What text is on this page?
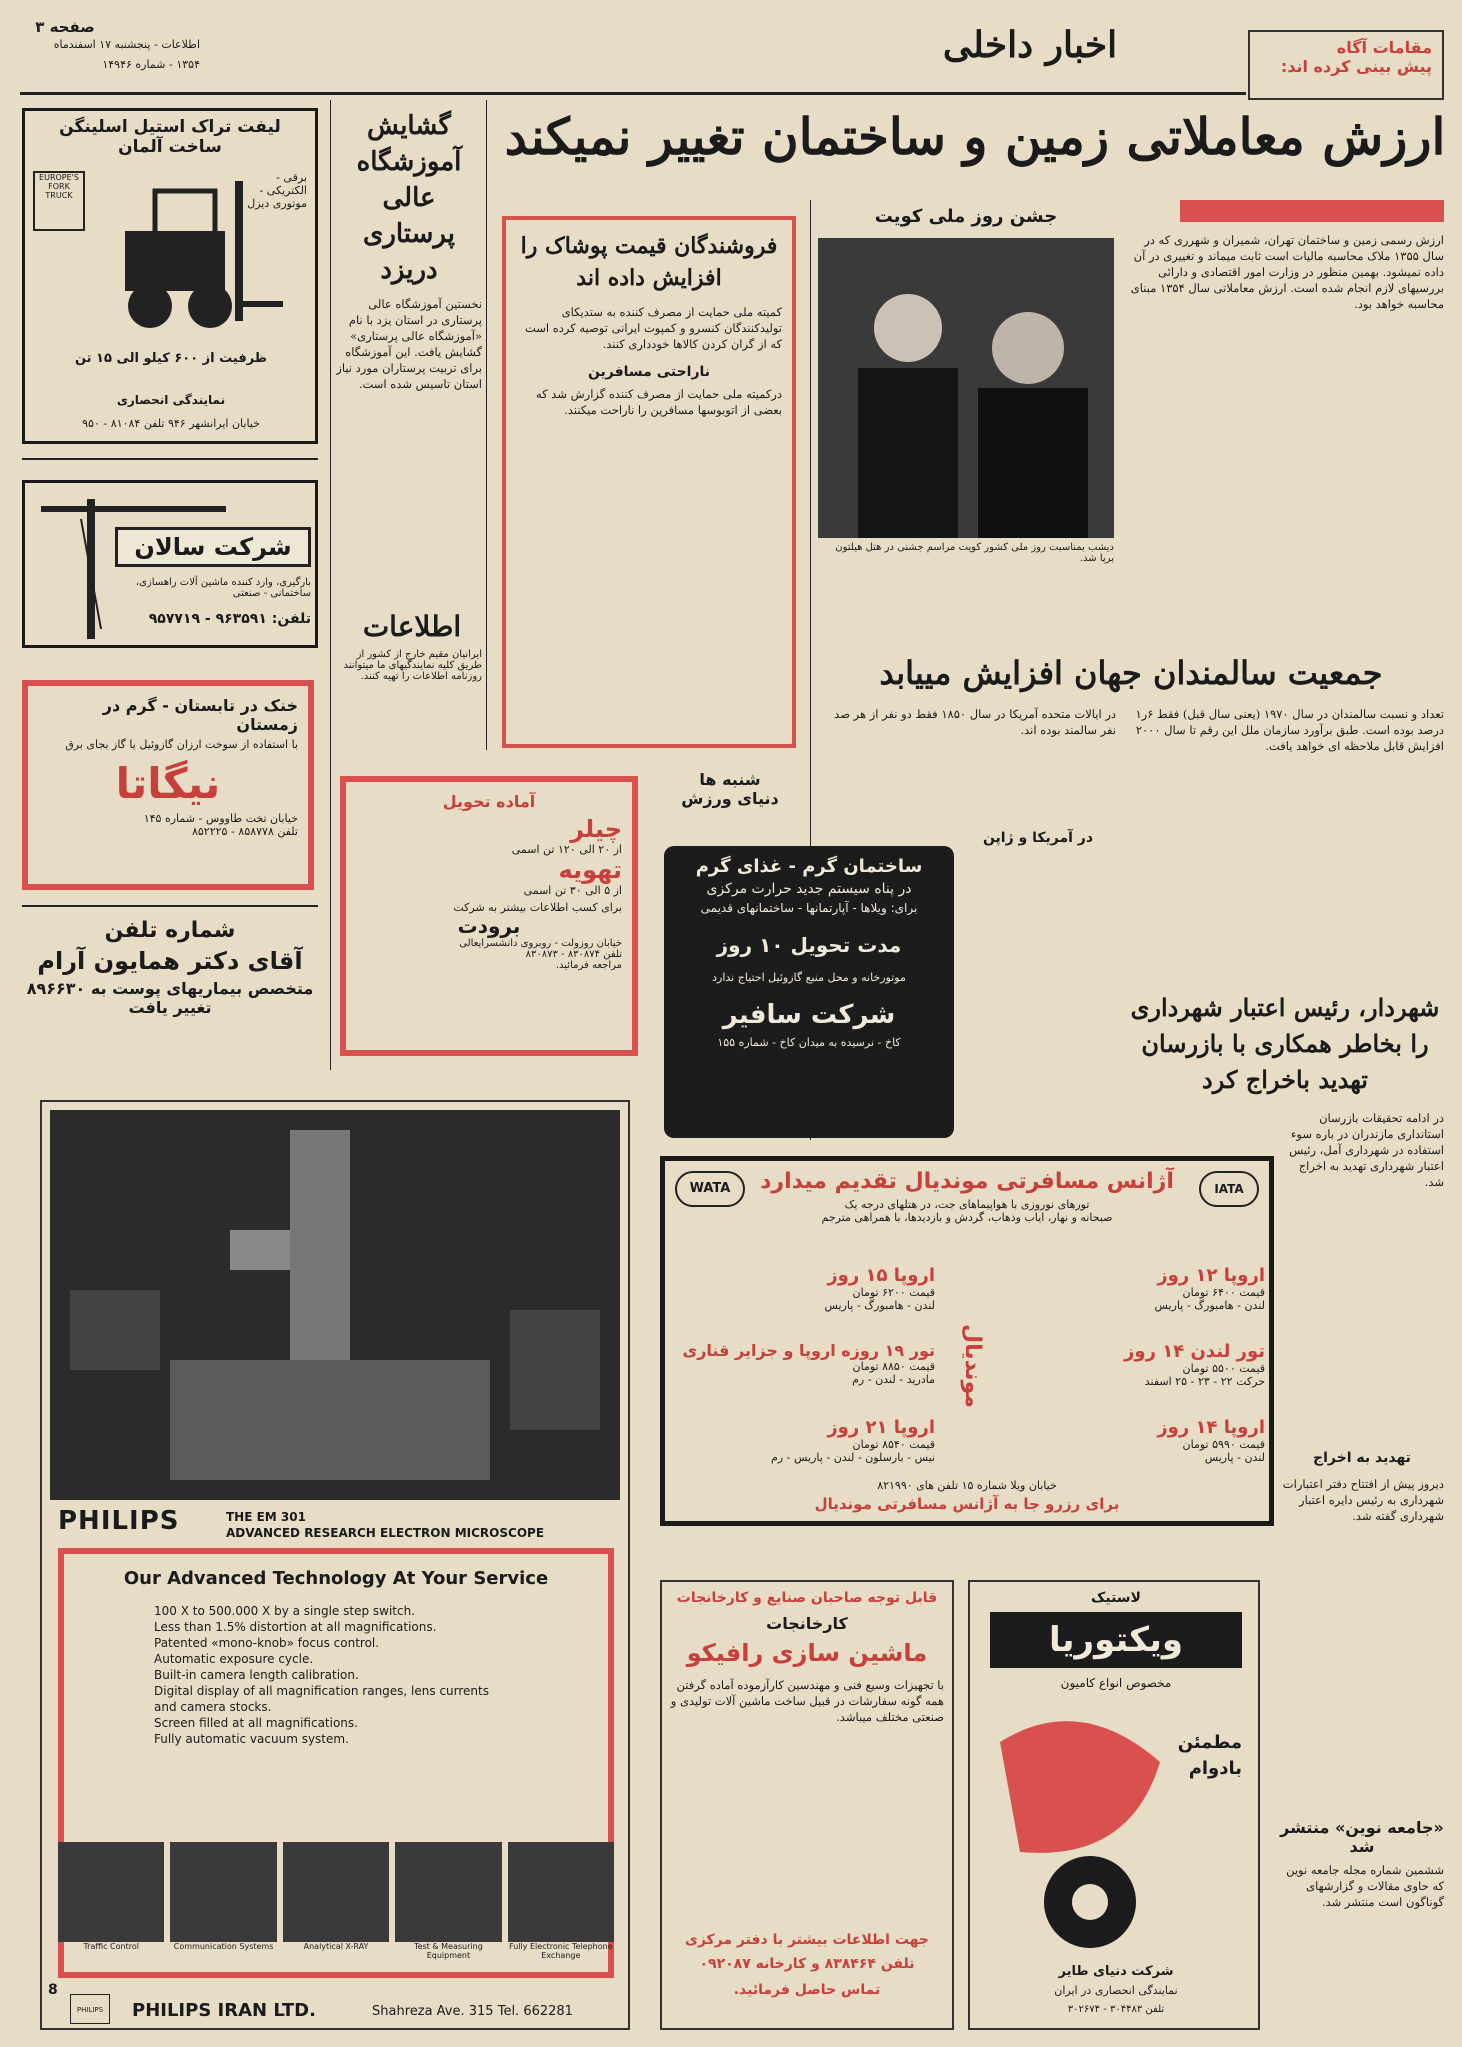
صفحه ۳
اطلاعات - پنجشنبه ۱۷ اسفندماه
۱۳۵۴ - شماره ۱۴۹۴۶	اخبار داخلی	مقامات آگاه
پیش بینی کرده اند:
ارزش معاملاتی زمین و ساختمان تغییر نمیکند
لیفت تراک استیل اسلینگن ساخت آلمان
EUROPE'S FORK TRUCK
برقی - الکتریکی - موتوری دیزل
ظرفیت از ۶۰۰ کیلو الی ۱۵ تن
نمایندگی انحصاری
خیابان ایرانشهر ۹۴۶ تلفن ۸۱۰۸۴ - ۹۵۰
شرکت سالان
بارگیری، وارد کننده ماشین آلات راهسازی، ساختمانی - صنعتی
تلفن: ۹۶۳۵۹۱ - ۹۵۷۷۱۹
خنک در تابستان - گرم در زمستان
با استفاده از سوخت ارزان گازوئیل یا گاز بجای برق
نیگاتا
خیابان تخت طاووس - شماره ۱۴۵
تلفن ۸۵۸۷۷۸ - ۸۵۲۲۲۵
شماره تلفن
آقای دکتر همایون آرام
متخصص بیماریهای پوست به ۸۹۶۶۳۰
تغییر یافت
گشایش آموزشگاه عالی پرستاری دریزد
نخستین آموزشگاه عالی پرستاری در استان یزد با نام «آموزشگاه عالی پرستاری» گشایش یافت. این آموزشگاه برای تربیت پرستاران مورد نیاز استان تاسیس شده است.
اطلاعات
ایرانیان مقیم خارج از کشور از طریق کلیه نمایندگیهای ما میتوانند روزنامه اطلاعات را تهیه کنند.
فروشندگان قیمت پوشاک را افزایش داده اند
کمیته ملی حمایت از مصرف کننده به ستدیکای تولیدکنندگان کنسرو و کمپوت ایرانی توصیه کرده است که از گران کردن کالاها خودداری کنند.
ناراحتی مسافرین
درکمیته ملی حمایت از مصرف کننده گزارش شد که بعضی از اتوبوسها مسافرین را ناراحت میکنند.
جشن روز ملی کویت
دیشب بمناسبت روز ملی کشور کویت مراسم جشنی در هتل هیلتون برپا شد.
ارزش رسمی زمین و ساختمان تهران، شمیران و شهرری که در سال ۱۳۵۵ ملاک محاسبه مالیات است ثابت میماند و تغییری در آن داده نمیشود. بهمین منظور در وزارت امور اقتصادی و دارائی بررسیهای لازم انجام شده است. ارزش معاملاتی سال ۱۳۵۴ مبنای محاسبه خواهد بود.
جمعیت سالمندان جهان افزایش مییابد
تعداد و نسبت سالمندان در سال ۱۹۷۰ (یعنی سال قبل) فقط ۶ر۱ درصد بوده است. طبق برآورد سازمان ملل این رقم تا سال ۲۰۰۰ افزایش قابل ملاحظه ای خواهد یافت.
در ایالات متحده آمریکا در سال ۱۸۵۰ فقط دو نفر از هر صد نفر سالمند بوده اند.
در آمریکا و ژاپن
شنبه ها
دنیای ورزش
آماده تحویل
چیلر
از ۲۰ الی ۱۲۰ تن اسمی
تهویه
از ۵ الی ۳۰ تن اسمی
برای کسب اطلاعات بیشتر به شرکت
برودت
خیابان روزولت - روبروی دانشسرایعالی
تلفن ۸۳۰۸۷۴ - ۸۳۰۸۷۳
مراجعه فرمائید.
ساختمان گرم - غذای گرم
در پناه سیستم جدید حرارت مرکزی
برای: ویلاها - آپارتمانها - ساختمانهای قدیمی
مدت تحویل ۱۰ روز
موتورخانه و محل منبع گازوئیل احتیاج ندارد
شرکت سافیر
کاخ - نرسیده به میدان کاخ - شماره ۱۵۵
شهردار، رئیس اعتبار شهرداری را بخاطر همکاری با بازرسان تهدید باخراج کرد
در ادامه تحقیقات بازرسان استانداری مازندران در باره سوء استفاده در شهرداری آمل، رئیس اعتبار شهرداری تهدید به اخراج شد.
تهدید به اخراج
دیروز پیش از افتتاح دفتر اعتبارات شهرداری به رئیس دایره اعتبار شهرداری گفته شد.
«جامعه نوین» منتشر شد
ششمین شماره مجله جامعه نوین که حاوی مقالات و گزارشهای گوناگون است منتشر شد.
WATA	IATA
آژانس مسافرتی موندیال تقدیم میدارد
تورهای نوروزی با هواپیماهای جت، در هتلهای درجه یک
صبحانه و نهار، ایاب وذهاب، گردش و بازدیدها، با همراهی مترجم
موندیال
اروپا ۱۲ روز
قیمت ۶۴۰۰ تومان
لندن - هامبورگ - پاریس
اروپا ۱۵ روز
قیمت ۶۲۰۰ تومان
لندن - هامبورگ - پاریس
تور لندن ۱۴ روز
قیمت ۵۵۰۰ تومان
حرکت ۲۲ - ۲۳ - ۲۵ اسفند
تور ۱۹ روزه اروپا و جزایر قناری
قیمت ۸۸۵۰ تومان
مادرید - لندن - رم
اروپا ۱۴ روز
قیمت ۵۹۹۰ تومان
لندن - پاریس
اروپا ۲۱ روز
قیمت ۸۵۴۰ تومان
نیس - بارسلون - لندن - پاریس - رم
خیابان ویلا شماره ۱۵ تلفن های ۸۲۱۹۹۰
برای رزرو جا به آژانس مسافرتی موندیال
PHILIPS	THE EM 301
ADVANCED RESEARCH ELECTRON MICROSCOPE
Our Advanced Technology At Your Service
100 X to 500.000 X by a single step switch.
Less than 1.5% distortion at all magnifications.
Patented «mono-knob» focus control.
Automatic exposure cycle.
Built-in camera length calibration.
Digital display of all magnification ranges, lens currents
and camera stocks.
Screen filled at all magnifications.
Fully automatic vacuum system.
Traffic Control	Communication Systems	Analytical X-RAY	Test & Measuring Equipment
Fully Electronic Telephone Exchange
8
PHILIPS	PHILIPS IRAN LTD.	Shahreza Ave. 315 Tel. 662281
قابل توجه صاحبان صنایع و کارخانجات
کارخانجات
ماشین سازی رافیکو
با تجهیزات وسیع فنی و مهندسین کارآزموده آماده گرفتن همه گونه سفارشات در قبیل ساخت ماشین آلات تولیدی و صنعتی مختلف میباشد.
جهت اطلاعات بیشتر با دفتر مرکزی
تلفن ۸۳۸۴۶۴ و کارخانه ۰۹۲۰۸۷
تماس حاصل فرمائید.
لاستیک
ویکتوریا
مخصوص انواع کامیون
مطمئن
بادوام
شرکت دنیای طایر
نمایندگی انحصاری در ایران
تلفن ۳۰۴۴۸۳ - ۳۰۲۶۷۴
